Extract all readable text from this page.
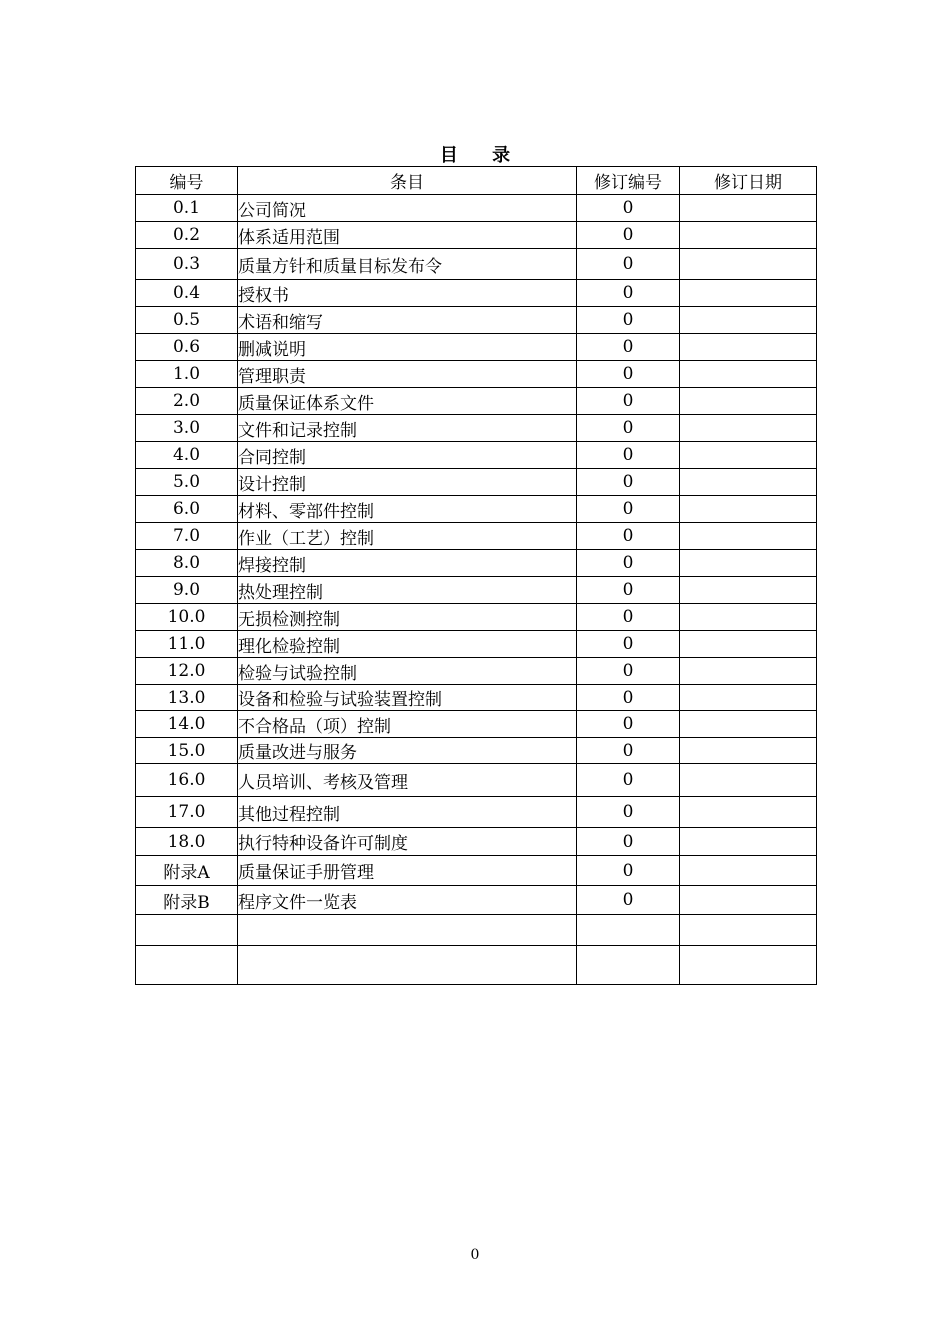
目 录
编号	条目	修订编号	修订日期
0.1	公司简况	0	
0.2	体系适用范围	0	
0.3	质量方针和质量目标发布令	0	
0.4	授权书	0	
0.5	术语和缩写	0	
0.6	删减说明	0	
1.0	管理职责	0	
2.0	质量保证体系文件	0	
3.0	文件和记录控制	0	
4.0	合同控制	0	
5.0	设计控制	0	
6.0	材料、零部件控制	0	
7.0	作业（工艺）控制	0	
8.0	焊接控制	0	
9.0	热处理控制	0	
10.0	无损检测控制	0	
11.0	理化检验控制	0	
12.0	检验与试验控制	0	
13.0	设备和检验与试验装置控制	0	
14.0	不合格品（项）控制	0	
15.0	质量改进与服务	0	
16.0	人员培训、考核及管理	0	
17.0	其他过程控制	0	
18.0	执行特种设备许可制度	0	
附录A	质量保证手册管理	0	
附录B	程序文件一览表	0	

0
